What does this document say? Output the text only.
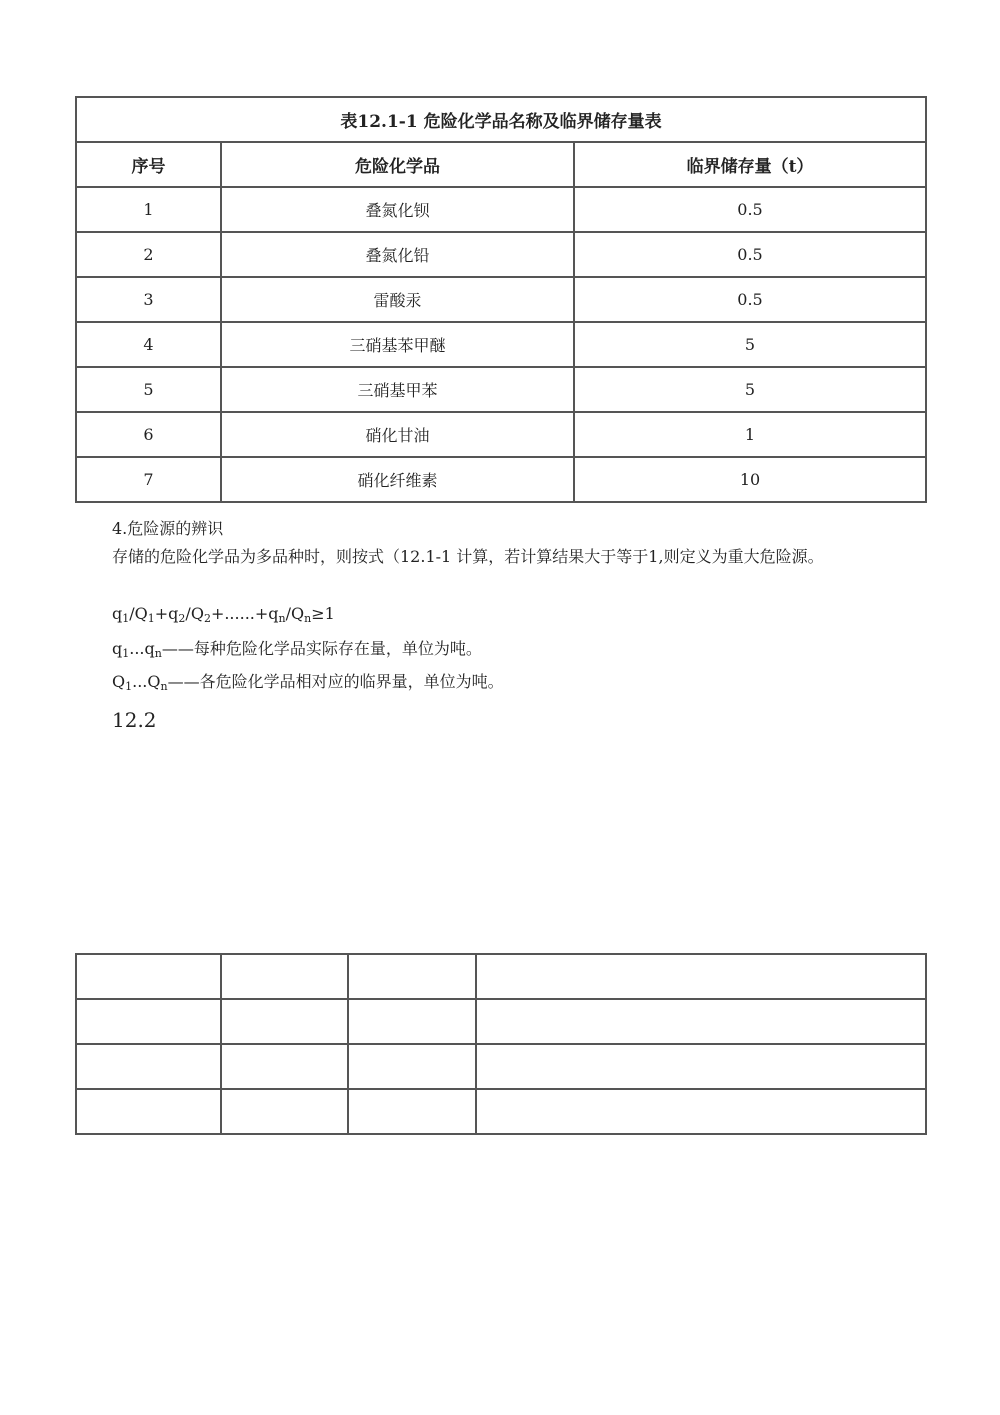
表12.1-1 危险化学品名称及临界储存量表		
序号	危险化学品	临界储存量（t）
1	叠氮化钡	0.5
2	叠氮化铅	0.5
3	雷酸汞	0.5
4	三硝基苯甲醚	5
5	三硝基甲苯	5
6	硝化甘油	1
7	硝化纤维素	10
4.危险源的辨识
存储的危险化学品为多品种时，则按式（12.1-1 计算，若计算结果大于等于1,则定义为重大危险源。
$q_1/Q_1+q_2/Q_2+......+q_n/Q_n\ge 1$
$q_1...q_n——$每种危险化学品实际存在量，单位为吨。
$Q_1...Q_n——$各危险化学品相对应的临界量，单位为吨。
12.2
